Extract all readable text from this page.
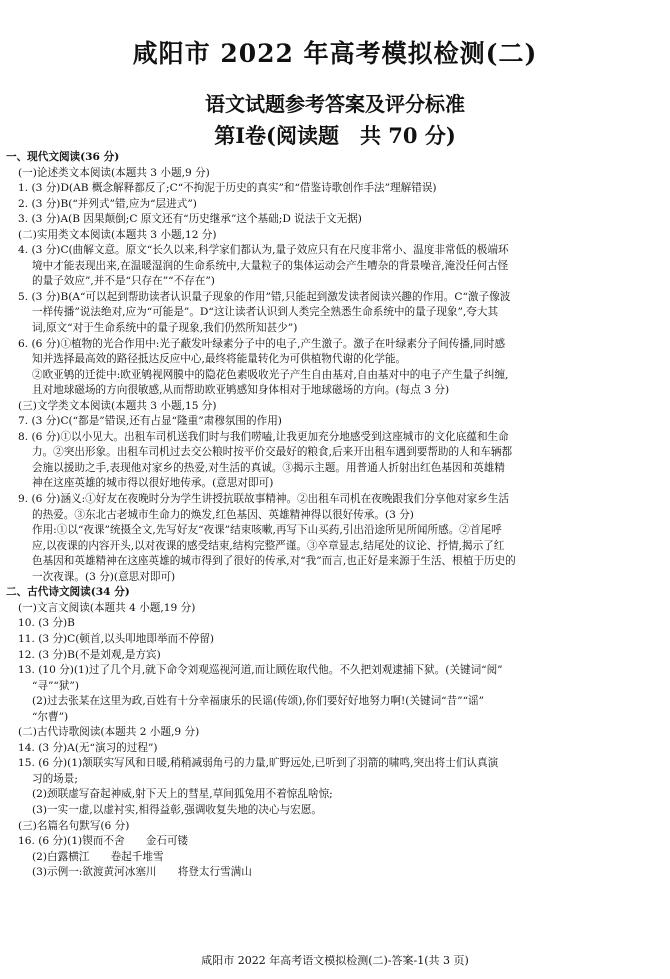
咸阳市 2022 年高考模拟检测(二)
语文试题参考答案及评分标准
第Ⅰ卷(阅读题　共 70 分)
一、现代文阅读(36 分)
(一)论述类文本阅读(本题共 3 小题,9 分)
1. (3 分)D(AB 概念解释都反了;C“不拘泥于历史的真实”和“借鉴诗歌创作手法”理解错误)
2. (3 分)B(“并列式”错,应为“层进式”)
3. (3 分)A(B 因果颠倒;C 原文还有“历史继承”这个基础;D 说法于文无据)
(二)实用类文本阅读(本题共 3 小题,12 分)
4. (3 分)C(曲解文意。原文“长久以来,科学家们都认为,量子效应只有在尺度非常小、温度非常低的极端环
境中才能表现出来,在温暖湿润的生命系统中,大量粒子的集体运动会产生嘈杂的背景噪音,淹没任何古怪
的量子效应”,并不是“只存在”“不存在”)
5. (3 分)B(A“可以起到帮助读者认识量子现象的作用”错,只能起到激发读者阅读兴趣的作用。C“激子像波
一样传播”说法绝对,应为“可能是”。D“这让读者认识到人类完全熟悉生命系统中的量子现象”,夸大其
词,原文“对于生命系统中的量子现象,我们仍然所知甚少”)
6. (6 分)①植物的光合作用中:光子蔽发叶绿素分子中的电子,产生激子。激子在叶绿素分子间传播,同时感
知并选择最高效的路径抵达反应中心,最终将能量转化为可供植物代谢的化学能。
②欧亚鸲的迁徙中:欧亚鸲视网膜中的隐花色素吸收光子产生自由基对,自由基对中的电子产生量子纠缠,
且对地球磁场的方向很敏感,从而帮助欧亚鸲感知身体相对于地球磁场的方向。(每点 3 分)
(三)文学类文本阅读(本题共 3 小题,15 分)
7. (3 分)C(“都是”错误,还有占显“隆重”肃穆氛围的作用)
8. (6 分)①以小见大。出租车司机送我们时与我们唠嗑,让我更加充分地感受到这座城市的文化底蕴和生命
力。②突出形象。出租车司机过去交公粮时按平价交最好的粮食,后来开出租车遇到要帮助的人和车辆都
会施以援助之手,表现他对家乡的热爱,对生活的真诚。③揭示主题。用普通人折射出红色基因和英雄精
神在这座英雄的城市得以很好地传承。(意思对即可)
9. (6 分)涵义:①好友在夜晚时分为学生讲授抗联故事精神。②出租车司机在夜晚跟我们分享他对家乡生活
的热爱。③东北古老城市生命力的焕发,红色基因、英雄精神得以很好传承。(3 分)
作用:①以“夜课”统摄全文,先写好友“夜课”结束咳嗽,再写下山买药,引出沿途所见所闻所感。②首尾呼
应,以夜课的内容开头,以对夜课的感受结束,结构完整严谨。③卒章显志,结尾处的议论、抒情,揭示了红
色基因和英雄精神在这座英雄的城市得到了很好的传承,对“我”而言,也正好是来源于生活、根植于历史的
一次夜课。(3 分)(意思对即可)
二、古代诗文阅读(34 分)
(一)文言文阅读(本题共 4 小题,19 分)
10. (3 分)B
11. (3 分)C(顿首,以头叩地即举而不停留)
12. (3 分)B(不是刘观,是方宾)
13. (10 分)(1)过了几个月,就下命令刘观巡视河道,而让顾佐取代他。不久把刘观逮捕下狱。(关键词“阅”
“寻”“狱”)
(2)过去张某在这里为政,百姓有十分幸福康乐的民谣(传颂),你们要好好地努力啊!(关键词“昔”“谣”
“尔曹”)
(二)古代诗歌阅读(本题共 2 小题,9 分)
14. (3 分)A(无“演习的过程”)
15. (6 分)(1)颔联实写风和日暖,稍稍减弱角弓的力量,旷野远处,已听到了羽箭的啸鸣,突出将士们认真演
习的场景;
(2)颈联虚写奋起神威,射下天上的彗星,草间狐兔用不着惊乱啥惊;
(3)一实一虚,以虚衬实,相得益彰,强调收复失地的决心与宏愿。
(三)名篇名句默写(6 分)
16. (6 分)(1)锲而不舍　　金石可镂
(2)白露横江　　卷起千堆雪
(3)示例一:欲渡黄河冰塞川　　将登太行雪满山
咸阳市 2022 年高考语文模拟检测(二)-答案-1(共 3 页)
